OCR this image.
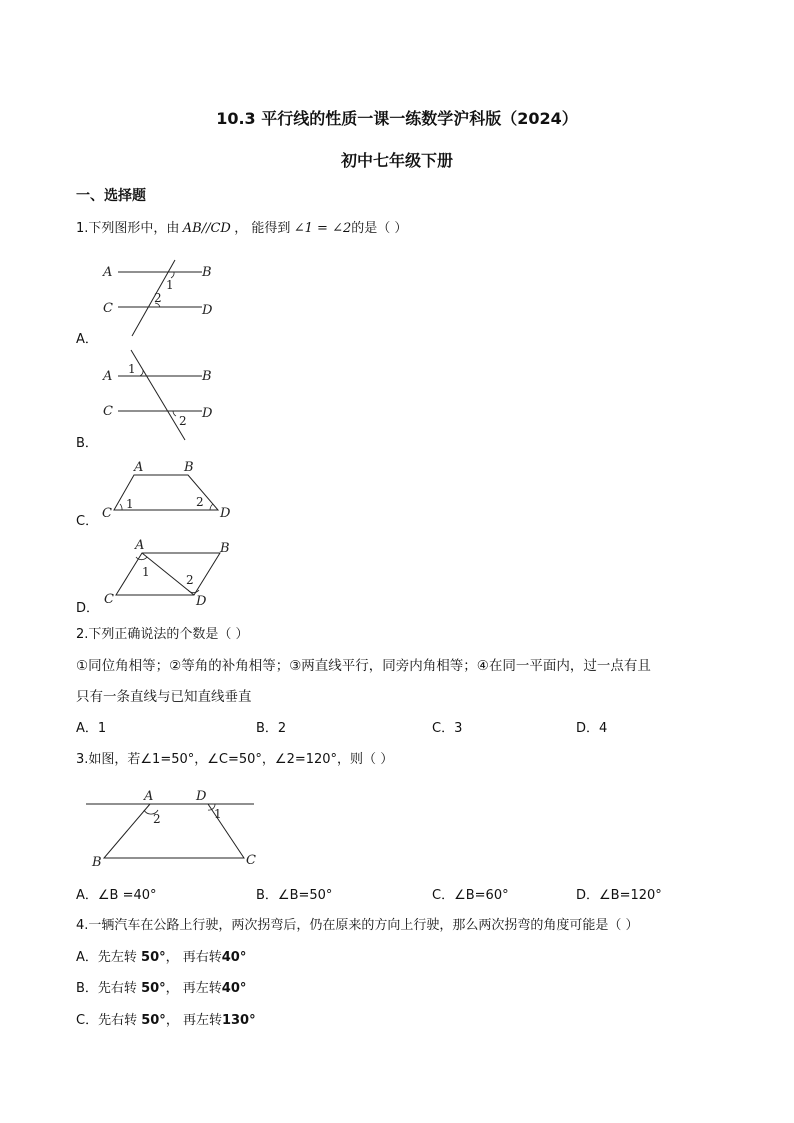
10.3 平行线的性质一课一练数学沪科版（2024）
初中七年级下册
一、选择题
1.下列图形中，由 AB//CD ， 能得到 ∠1 = ∠2的是（ ）
A	B
C	D
1
2
A．
A	B
C	D
1
2
B．
A	B
C	D
1	2
C．
A	B
C	D
1
2
D．
2.下列正确说法的个数是（ ）
①同位角相等；②等角的补角相等；③两直线平行，同旁内角相等；④在同一平面内，过一点有且
只有一条直线与已知直线垂直
A．1	B．2	C．3	D．4
3.如图，若∠1=50°，∠C=50°，∠2=120°，则（ ）
A	D
B	C
1
2
A．∠B =40°	B．∠B=50°	C．∠B=60°	D．∠B=120°
4.一辆汽车在公路上行驶，两次拐弯后，仍在原来的方向上行驶，那么两次拐弯的角度可能是（ ）
A．先左转 50°， 再右转40°
B．先右转 50°， 再左转40°
C．先右转 50°， 再左转130°
